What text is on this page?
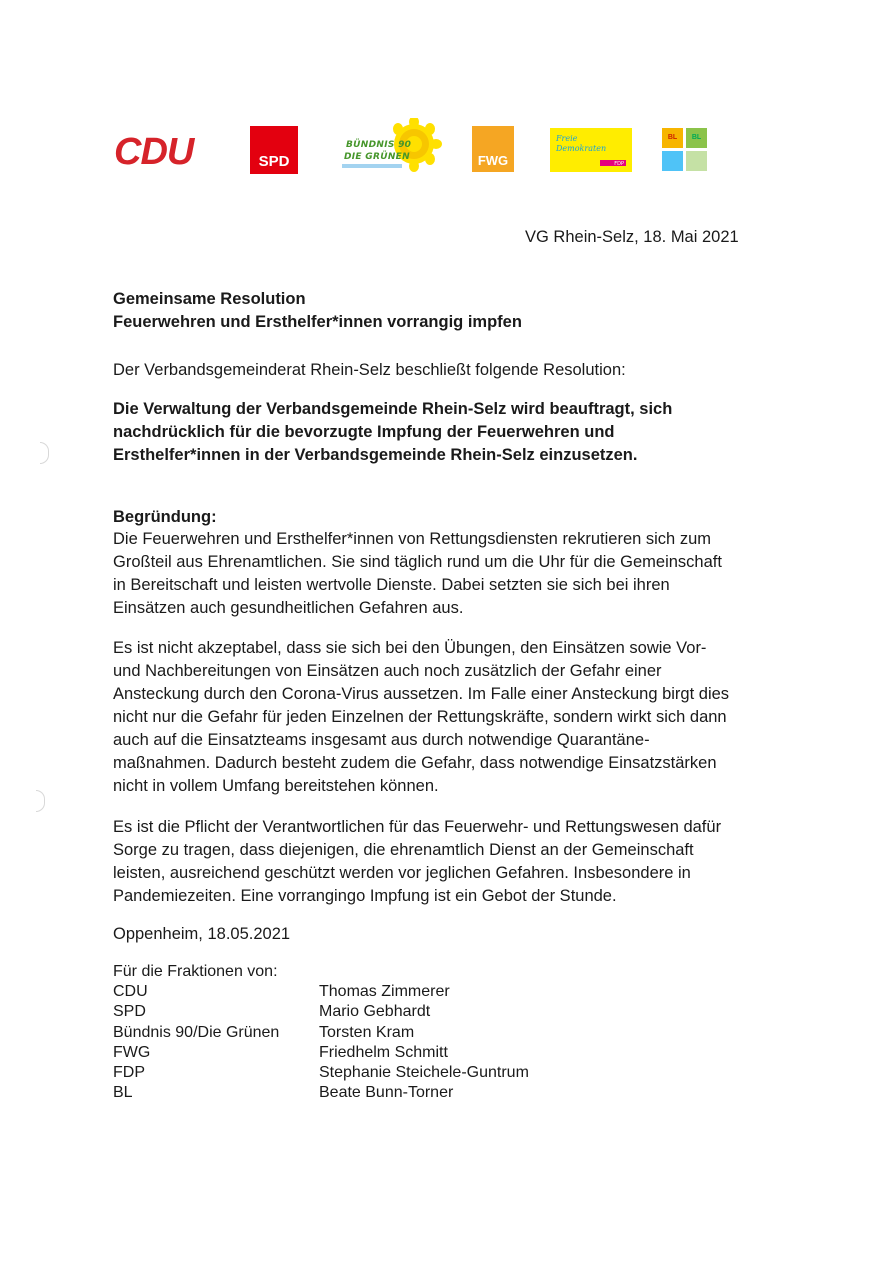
CDU	SPD
BÜNDNIS 90
DIE GRÜNEN	FWG
Freie
Demokraten
FDP
BL	BL
VG Rhein-Selz, 18. Mai 2021
Gemeinsame Resolution
Feuerwehren und Ersthelfer*innen vorrangig impfen
Der Verbandsgemeinderat Rhein-Selz beschließt folgende Resolution:
Die Verwaltung der Verbandsgemeinde Rhein-Selz wird beauftragt, sich
nachdrücklich für die bevorzugte Impfung der Feuerwehren und
Ersthelfer*innen in der Verbandsgemeinde Rhein-Selz einzusetzen.
Begründung:
Die Feuerwehren und Ersthelfer*innen von Rettungsdiensten rekrutieren sich zum
Großteil aus Ehrenamtlichen. Sie sind täglich rund um die Uhr für die Gemeinschaft
in Bereitschaft und leisten wertvolle Dienste. Dabei setzten sie sich bei ihren
Einsätzen auch gesundheitlichen Gefahren aus.
Es ist nicht akzeptabel, dass sie sich bei den Übungen, den Einsätzen sowie Vor-
und Nachbereitungen von Einsätzen auch noch zusätzlich der Gefahr einer
Ansteckung durch den Corona-Virus aussetzen. Im Falle einer Ansteckung birgt dies
nicht nur die Gefahr für jeden Einzelnen der Rettungskräfte, sondern wirkt sich dann
auch auf die Einsatzteams insgesamt aus durch notwendige Quarantäne-
maßnahmen. Dadurch besteht zudem die Gefahr, dass notwendige Einsatzstärken
nicht in vollem Umfang bereitstehen können.
Es ist die Pflicht der Verantwortlichen für das Feuerwehr- und Rettungswesen dafür
Sorge zu tragen, dass diejenigen, die ehrenamtlich Dienst an der Gemeinschaft
leisten, ausreichend geschützt werden vor jeglichen Gefahren. Insbesondere in
Pandemiezeiten. Eine vorrangingo Impfung ist ein Gebot der Stunde.
Oppenheim, 18.05.2021
Für die Fraktionen von:
CDU	Thomas Zimmerer
SPD	Mario Gebhardt
Bündnis 90/Die Grünen	Torsten Kram
FWG	Friedhelm Schmitt
FDP	Stephanie Steichele-Guntrum
BL	Beate Bunn-Torner
